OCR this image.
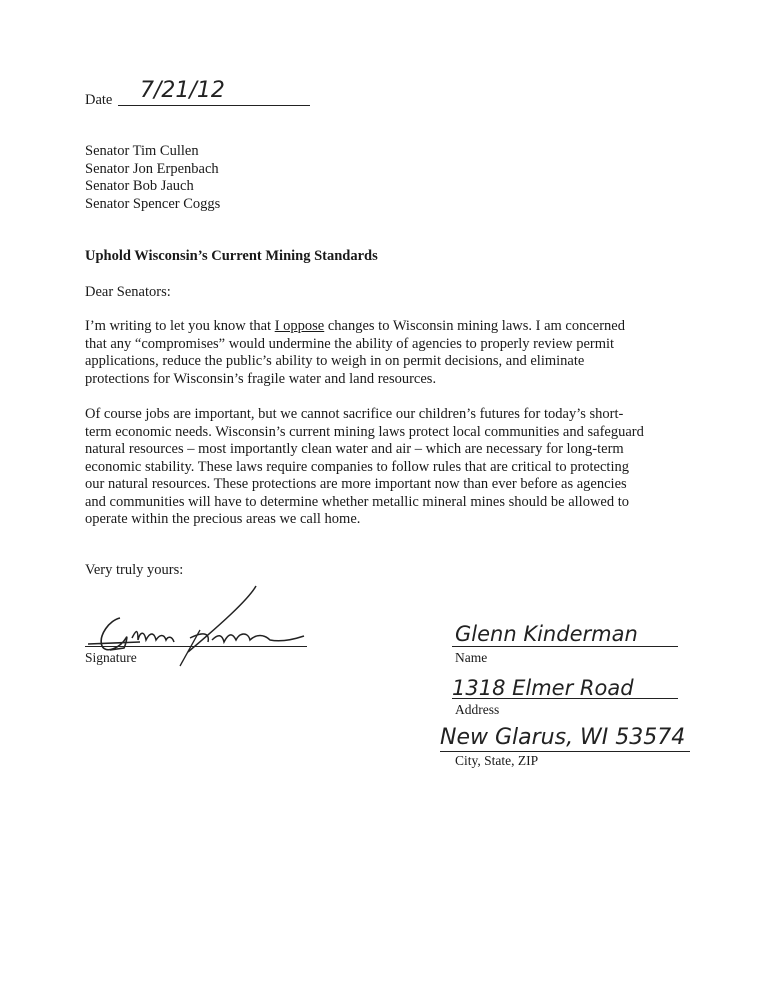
Date 7/21/12
Senator Tim Cullen
Senator Jon Erpenbach
Senator Bob Jauch
Senator Spencer Coggs
Uphold Wisconsin’s Current Mining Standards
Dear Senators:
I’m writing to let you know that I oppose changes to Wisconsin mining laws. I am concerned
that any “compromises” would undermine the ability of agencies to properly review permit
applications, reduce the public’s ability to weigh in on permit decisions, and eliminate
protections for Wisconsin’s fragile water and land resources.
Of course jobs are important, but we cannot sacrifice our children’s futures for today’s short-
term economic needs. Wisconsin’s current mining laws protect local communities and safeguard
natural resources – most importantly clean water and air – which are necessary for long-term
economic stability. These laws require companies to follow rules that are critical to protecting
our natural resources. These protections are more important now than ever before as agencies
and communities will have to determine whether metallic mineral mines should be allowed to
operate within the precious areas we call home.
Very truly yours:
Signature
Glenn Kinderman
Name
1318 Elmer Road
Address
New Glarus, WI 53574
City, State, ZIP
